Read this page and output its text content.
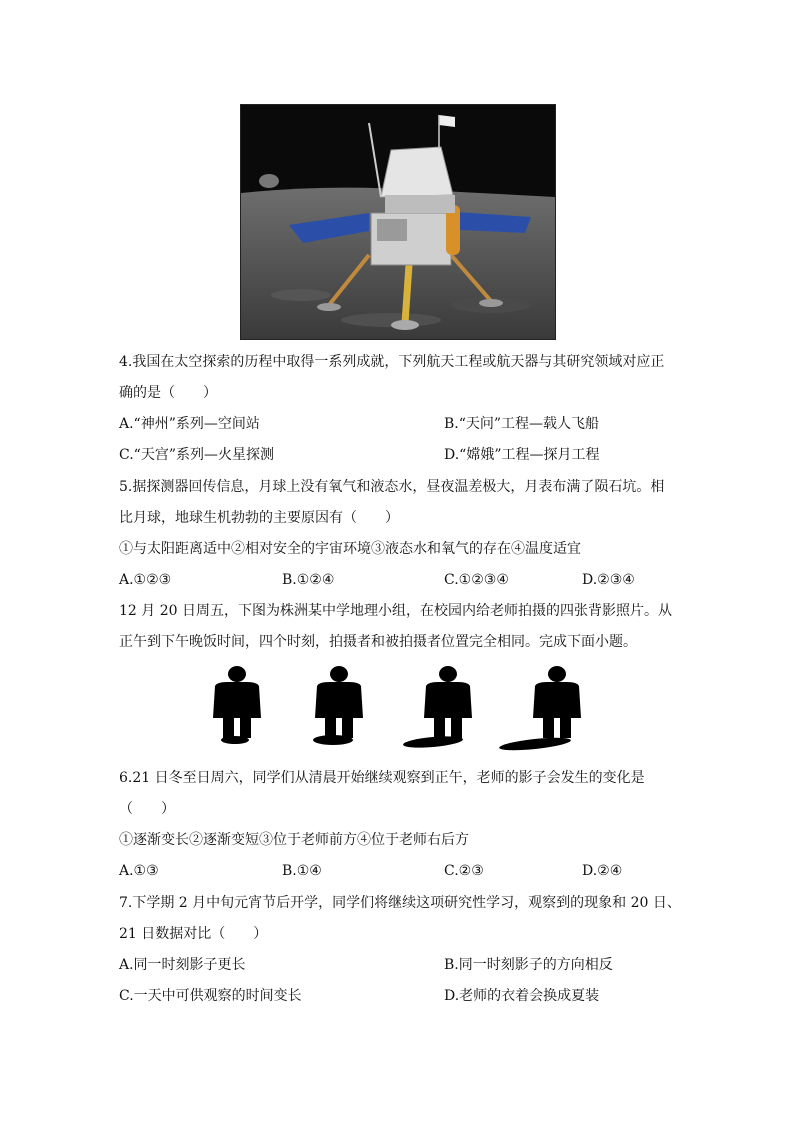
4.我国在太空探索的历程中取得一系列成就，下列航天工程或航天器与其研究领域对应正
确的是（　　）
A.“神州”系列—空间站	B.“天问”工程—载人飞船
C.“天宫”系列—火星探测	D.“嫦娥”工程—探月工程
5.据探测器回传信息，月球上没有氧气和液态水，昼夜温差极大，月表布满了陨石坑。相
比月球，地球生机勃勃的主要原因有（　　）
①与太阳距离适中②相对安全的宇宙环境③液态水和氧气的存在④温度适宜
A.①②③	B.①②④	C.①②③④	D.②③④
12 月 20 日周五，下图为株洲某中学地理小组，在校园内给老师拍摄的四张背影照片。从
正午到下午晚饭时间，四个时刻，拍摄者和被拍摄者位置完全相同。完成下面小题。
6.21 日冬至日周六，同学们从清晨开始继续观察到正午，老师的影子会发生的变化是
（　　）
①逐渐变长②逐渐变短③位于老师前方④位于老师右后方
A.①③	B.①④	C.②③	D.②④
7.下学期 2 月中旬元宵节后开学，同学们将继续这项研究性学习，观察到的现象和 20 日、
21 日数据对比（　　）
A.同一时刻影子更长	B.同一时刻影子的方向相反
C.一天中可供观察的时间变长	D.老师的衣着会换成夏装
